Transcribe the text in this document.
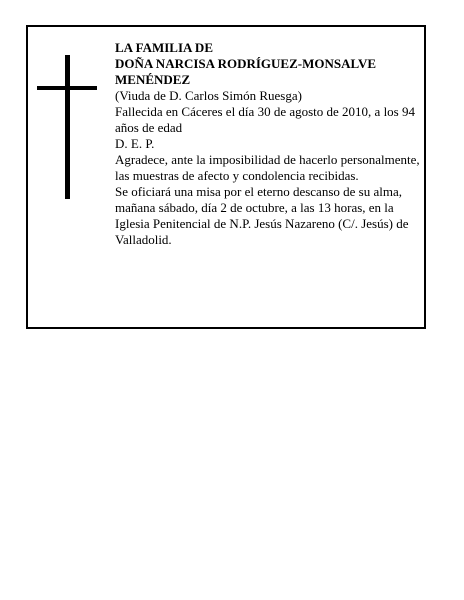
LA FAMILIA DE

DOÑA NARCISA RODRÍGUEZ-MONSALVE MENÉNDEZ

(Viuda de D. Carlos Simón Ruesga)

Fallecida en Cáceres el día 30 de agosto de 2010, a los 94 años de edad

D. E. P.

Agradece, ante la imposibilidad de hacerlo personalmente, las muestras de afecto y condolencia recibidas.

Se oficiará una misa por el eterno descanso de su alma, mañana sábado, día 2 de octubre, a las 13 horas, en la Iglesia Penitencial de N.P. Jesús Nazareno (C/. Jesús) de Valladolid.
